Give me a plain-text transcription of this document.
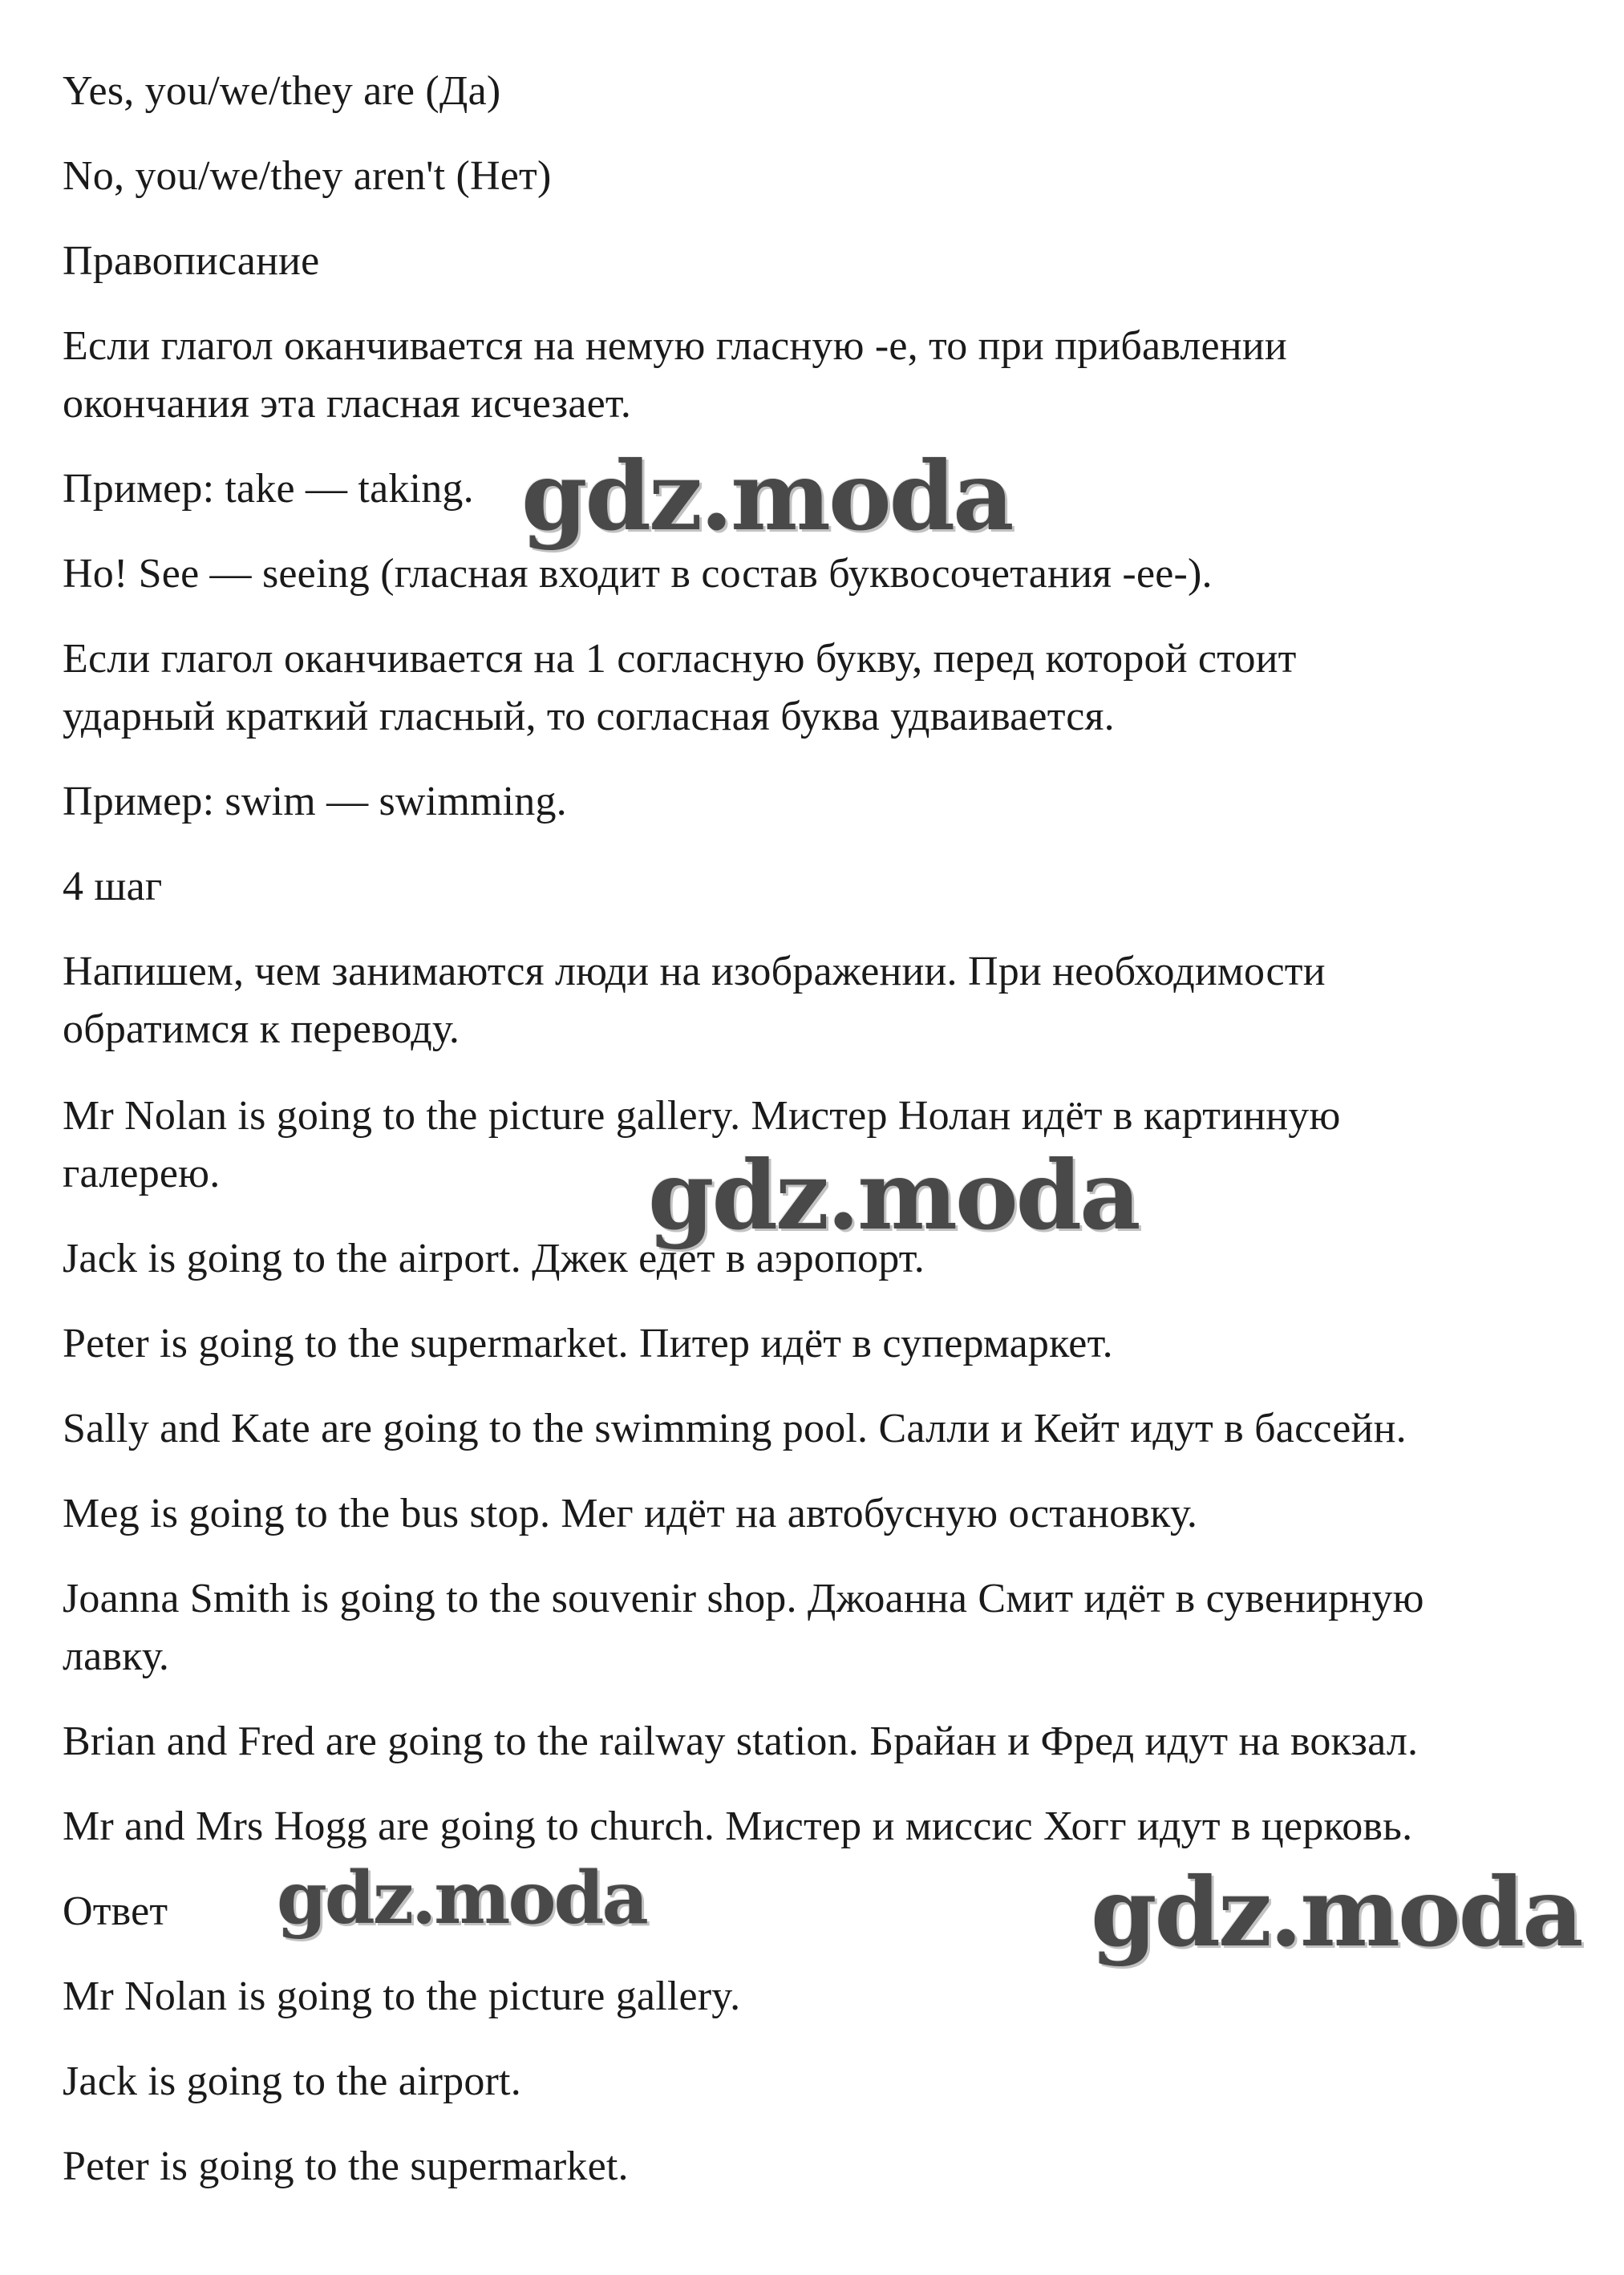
Yes, you/we/they are (Да)

No, you/we/they aren't (Нет)

Правописание

Если глагол оканчивается на немую гласную -е, то при прибавлении
окончания эта гласная исчезает.

Пример: take — taking.

Но! See — seeing (гласная входит в состав буквосочетания -ее-).

Если глагол оканчивается на 1 согласную букву, перед которой стоит
ударный краткий гласный, то согласная буква удваивается.

Пример: swim — swimming.

4 шаг

Напишем, чем занимаются люди на изображении. При необходимости
обратимся к переводу.

Mr Nolan is going to the picture gallery. Мистер Нолан идёт в картинную
галерею.

Jack is going to the airport. Джек едет в аэропорт.

Peter is going to the supermarket. Питер идёт в супермаркет.

Sally and Kate are going to the swimming pool. Салли и Кейт идут в бассейн.

Meg is going to the bus stop. Мег идёт на автобусную остановку.

Joanna Smith is going to the souvenir shop. Джоанна Смит идёт в сувенирную
лавку.

Brian and Fred are going to the railway station. Брайан и Фред идут на вокзал.

Mr and Mrs Hogg are going to church. Мистер и миссис Хогг идут в церковь.

Ответ

Mr Nolan is going to the picture gallery.

Jack is going to the airport.

Peter is going to the supermarket.

gdz.moda
gdz.moda
gdz.moda	gdz.moda
